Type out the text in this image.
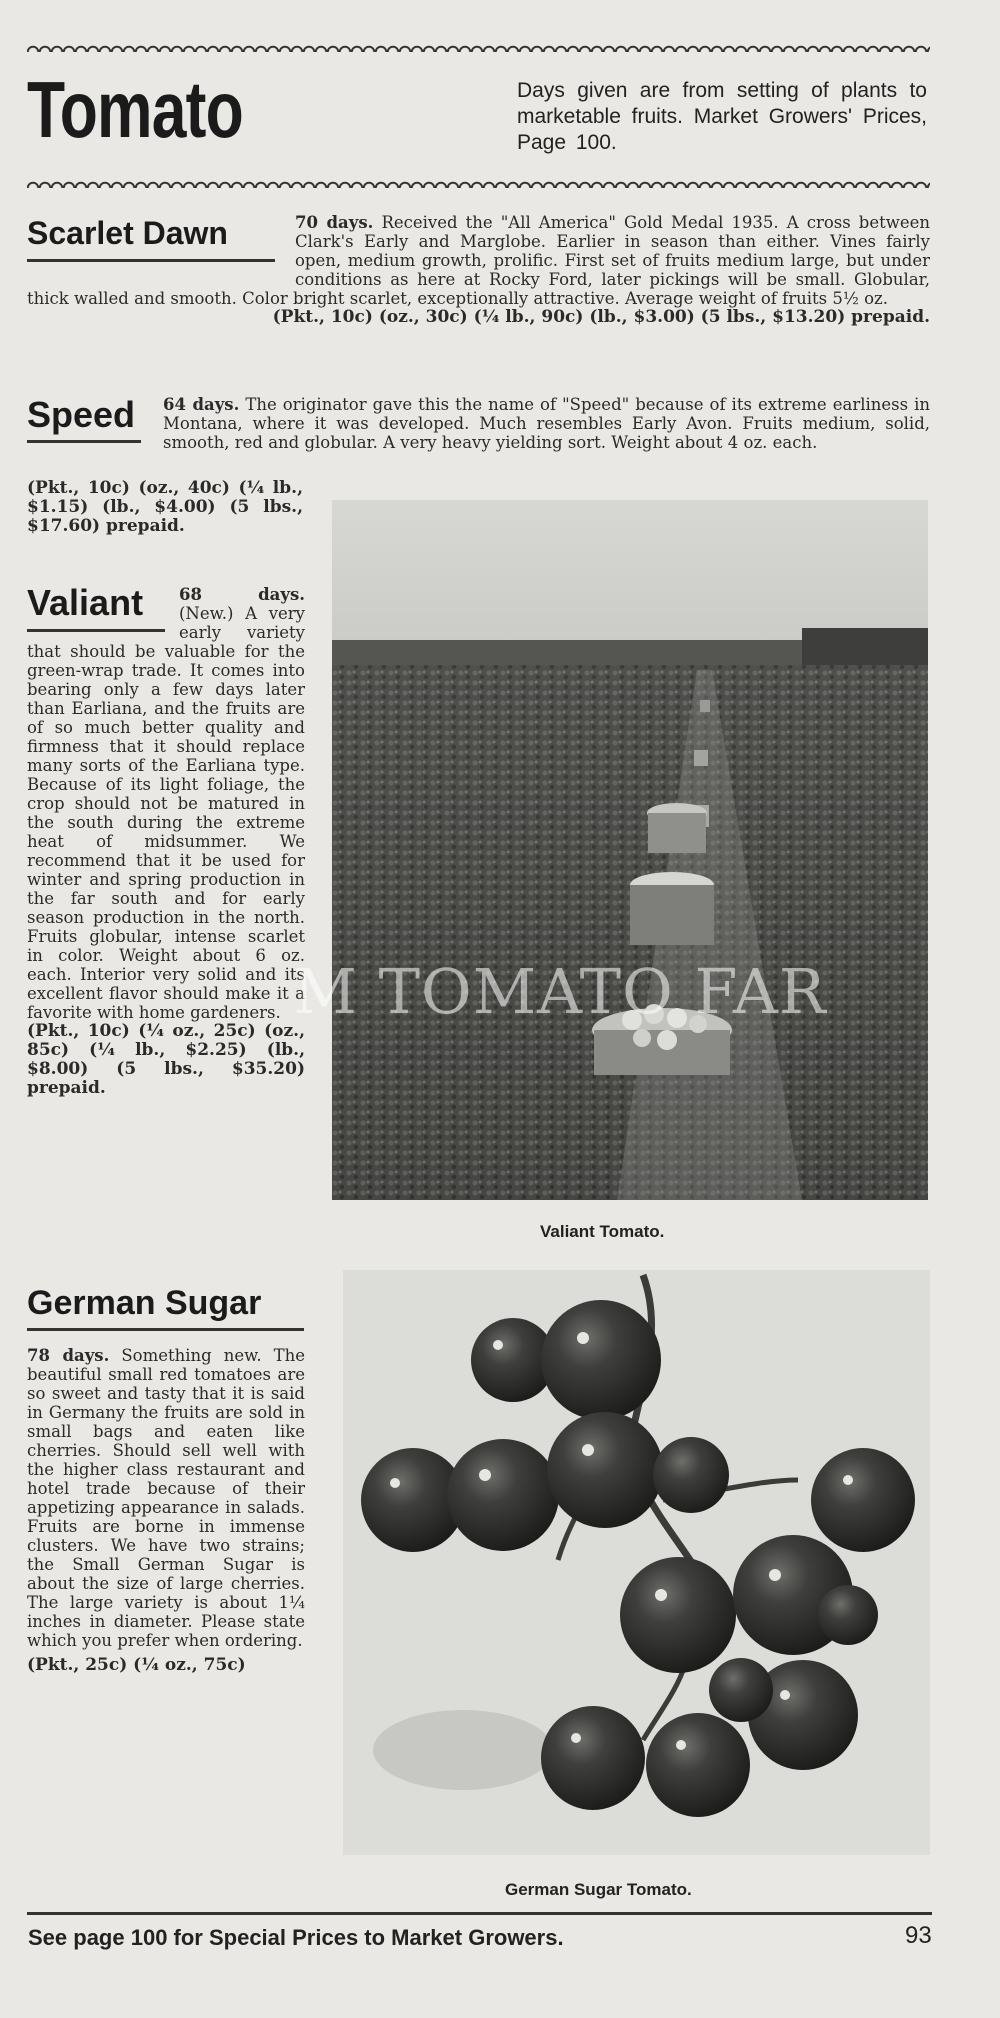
Tomato	Days given are from setting of plants to marketable fruits. Market Growers' Prices, Page 100.
Scarlet Dawn	70 days. Received the "All America" Gold Medal 1935. A cross between Clark's Early and Marglobe. Earlier in season than either. Vines fairly open, medium growth, prolific. First set of fruits medium large, but under conditions as here at Rocky Ford, later pickings will be small. Globular, thick walled and smooth. Color bright scarlet, exceptionally attractive. Average weight of fruits 5½ oz.
(Pkt., 10c) (oz., 30c) (¼ lb., 90c) (lb., $3.00) (5 lbs., $13.20) prepaid.
Speed	64 days. The originator gave this the name of "Speed" because of its extreme earliness in Montana, where it was developed. Much resembles Early Avon. Fruits medium, solid, smooth, red and globular. A very heavy yielding sort. Weight about 4 oz. each.
(Pkt., 10c) (oz., 40c) (¼ lb., $1.15) (lb., $4.00) (5 lbs., $17.60) prepaid.
Valiant	68 days. (New.) A very early variety that should be valuable for the green-wrap trade. It comes into bearing only a few days later than Earliana, and the fruits are of so much better quality and firmness that it should replace many sorts of the Earliana type. Because of its light foliage, the crop should not be matured in the south during the extreme heat of midsummer. We recommend that it be used for winter and spring production in the far south and for early season production in the north. Fruits globular, intense scarlet in color. Weight about 6 oz. each. Interior very solid and its excellent flavor should make it a favorite with home gardeners.
(Pkt., 10c) (¼ oz., 25c) (oz., 85c) (¼ lb., $2.25) (lb., $8.00) (5 lbs., $35.20) prepaid.
M TOMATO FAR
Valiant Tomato.
German Sugar
78 days. Something new. The beautiful small red tomatoes are so sweet and tasty that it is said in Germany the fruits are sold in small bags and eaten like cherries. Should sell well with the higher class restaurant and hotel trade because of their appetizing appearance in salads. Fruits are borne in immense clusters. We have two strains; the Small German Sugar is about the size of large cherries. The large variety is about 1¼ inches in diameter. Please state which you prefer when ordering.
(Pkt., 25c) (¼ oz., 75c)
German Sugar Tomato.
See page 100 for Special Prices to Market Growers.	93
